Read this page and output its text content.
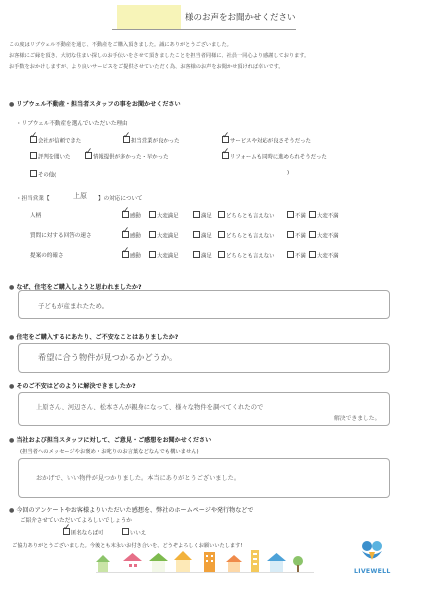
様のお声をお聞かせください
この度はリブウェル不動産を通じ、不動産をご購入頂きました。誠にありがとうございました。
お客様にご縁を頂き、大切な住まい探しのお手伝いをさせて頂きましたことを担当者同様に、社員一同心より感謝しております。
お手数をおかけしますが、より良いサービスをご提供させていただく為、お客様のお声をお聞かせ頂ければ幸いです。
● リブウェル不動産・担当者スタッフの事をお聞かせください
・リブウェル不動産を選んでいただいた理由
✓会社が信頼できた ✓	担当営業が良かった ✓	サービスや対応が良さそうだった
評判を聞いた ✓	情報提供が多かった・早かった ✓	リフォームも同時に進められそうだった
その他(	)
・担当営業【	上原 】の対応について
人柄 ✓	感動	大変満足	満足	どちらとも言えない	不満	大変不満
質問に対する回答の速さ ✓	感動	大変満足	満足	どちらとも言えない	不満	大変不満
提案の的確さ ✓	感動	大変満足	満足	どちらとも言えない	不満	大変不満
● なぜ、住宅をご購入しようと思われましたか?
子どもが産まれたため。
● 住宅をご購入するにあたり、ご不安なことはありましたか?
希望に合う物件が見つかるかどうか。
● そのご不安はどのように解決できましたか?
上原さん、河辺さん、松本さんが親身になって、様々な物件を調べてくれたので
解決できました。
● 当社および担当スタッフに対して、ご意見・ご感想をお聞かせください
(担当者へのメッセージやお褒め・お叱りのお言葉などなんでも構いません)
おかげで、いい物件が見つかりました。本当にありがとうございました。
● 今回のアンケートやお客様よりいただいた感想を、弊社のホームページや発行物などで
ご紹介させていただいてよろしいでしょうか
✓匿名ならば可	いいえ
ご協力ありがとうございました。今後とも末永いお付き合いを、どうぞよろしくお願いいたします!
LIVEWELL
